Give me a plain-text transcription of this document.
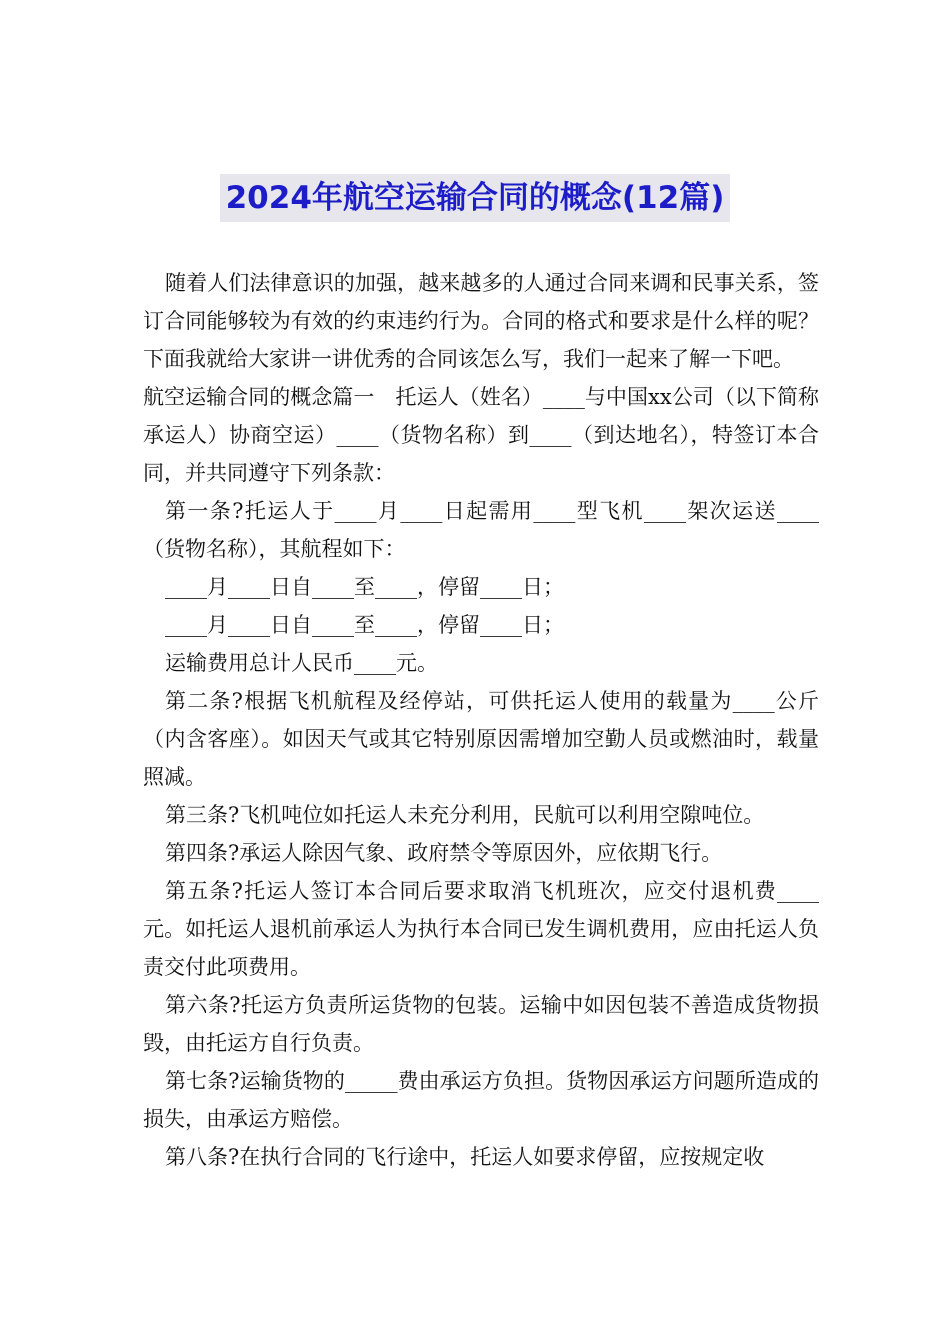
2024年航空运输合同的概念(12篇)

随着人们法律意识的加强，越来越多的人通过合同来调和民事关系，签订合同能够较为有效的约束违约行为。合同的格式和要求是什么样的呢？下面我就给大家讲一讲优秀的合同该怎么写，我们一起来了解一下吧。

航空运输合同的概念篇一　托运人（姓名）____与中国xx公司（以下简称承运人）协商空运）____（货物名称）到____（到达地名），特签订本合同，并共同遵守下列条款：

第一条?托运人于____月____日起需用____型飞机____架次运送____（货物名称），其航程如下：

____月____日自____至____，停留____日；

____月____日自____至____，停留____日；

运输费用总计人民币____元。

第二条?根据飞机航程及经停站，可供托运人使用的载量为____公斤（内含客座）。如因天气或其它特别原因需增加空勤人员或燃油时，载量照减。

第三条?飞机吨位如托运人未充分利用，民航可以利用空隙吨位。

第四条?承运人除因气象、政府禁令等原因外，应依期飞行。

第五条?托运人签订本合同后要求取消飞机班次，应交付退机费____元。如托运人退机前承运人为执行本合同已发生调机费用，应由托运人负责交付此项费用。

第六条?托运方负责所运货物的包装。运输中如因包装不善造成货物损毁，由托运方自行负责。

第七条?运输货物的_____费由承运方负担。货物因承运方问题所造成的损失，由承运方赔偿。

第八条?在执行合同的飞行途中，托运人如要求停留，应按规定收
